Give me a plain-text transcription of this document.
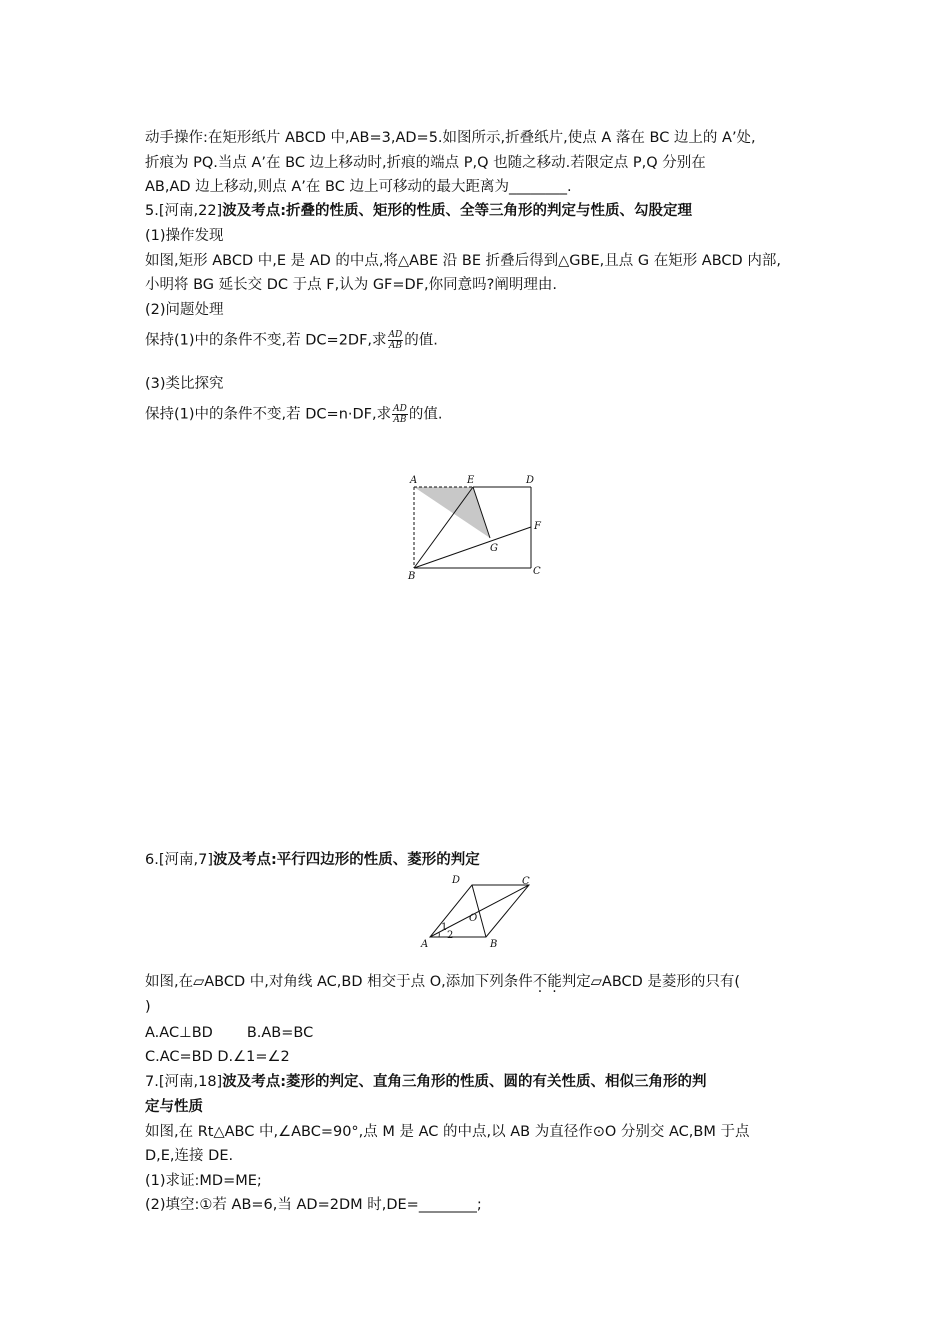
动手操作:在矩形纸片 ABCD 中,AB=3,AD=5.如图所示,折叠纸片,使点 A 落在 BC 边上的 A’处,
折痕为 PQ.当点 A’在 BC 边上移动时,折痕的端点 P,Q 也随之移动.若限定点 P,Q 分别在
AB,AD 边上移动,则点 A’在 BC 边上可移动的最大距离为________.
5.[河南,22]波及考点:折叠的性质、矩形的性质、全等三角形的判定与性质、勾股定理
(1)操作发现
如图,矩形 ABCD 中,E 是 AD 的中点,将△ABE 沿 BE 折叠后得到△GBE,且点 G 在矩形 ABCD 内部,
小明将 BG 延长交 DC 于点 F,认为 GF=DF,你同意吗?阐明理由.
(2)问题处理
保持(1)中的条件不变,若 DC=2DF,求 $\frac{AD}{AB}$ 的值.
(3)类比探究
保持(1)中的条件不变,若 DC=n·DF,求 $\frac{AD}{AB}$ 的值.
A	E	D
F
G
B	C
6.[河南,7]波及考点:平行四边形的性质、菱形的判定
D	C
O
1
2
A	B
如图,在▱ABCD 中,对角线 AC,BD 相交于点 O,添加下列条件不能判定▱ABCD 是菱形的只有(
)
A.AC⊥BD B.AB=BC
C.AC=BD D.∠1=∠2
7.[河南,18]波及考点:菱形的判定、直角三角形的性质、圆的有关性质、相似三角形的判
定与性质
如图,在 Rt△ABC 中,∠ABC=90°,点 M 是 AC 的中点,以 AB 为直径作⊙O 分别交 AC,BM 于点
D,E,连接 DE.
(1)求证:MD=ME;
(2)填空:①若 AB=6,当 AD=2DM 时,DE=________;
